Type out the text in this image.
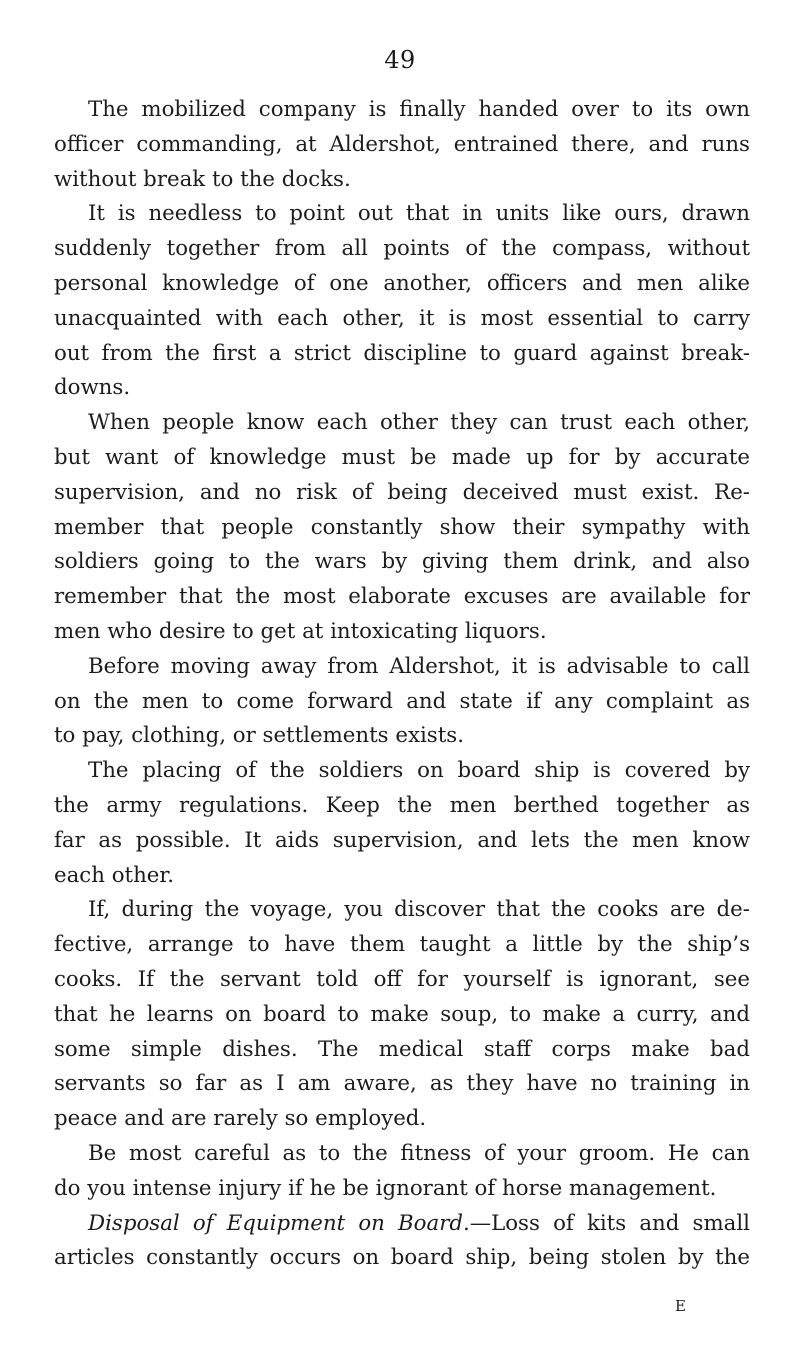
49
The mobilized company is finally handed over to its own
officer commanding, at Aldershot, entrained there, and runs
without break to the docks.
It is needless to point out that in units like ours, drawn
suddenly together from all points of the compass, without
personal knowledge of one another, officers and men alike
unacquainted with each other, it is most essential to carry
out from the first a strict discipline to guard against break-
downs.
When people know each other they can trust each other,
but want of knowledge must be made up for by accurate
supervision, and no risk of being deceived must exist. Re-
member that people constantly show their sympathy with
soldiers going to the wars by giving them drink, and also
remember that the most elaborate excuses are available for
men who desire to get at intoxicating liquors.
Before moving away from Aldershot, it is advisable to call
on the men to come forward and state if any complaint as
to pay, clothing, or settlements exists.
The placing of the soldiers on board ship is covered by
the army regulations. Keep the men berthed together as
far as possible. It aids supervision, and lets the men know
each other.
If, during the voyage, you discover that the cooks are de-
fective, arrange to have them taught a little by the ship’s
cooks. If the servant told off for yourself is ignorant, see
that he learns on board to make soup, to make a curry, and
some simple dishes. The medical staff corps make bad
servants so far as I am aware, as they have no training in
peace and are rarely so employed.
Be most careful as to the fitness of your groom. He can
do you intense injury if he be ignorant of horse management.
Disposal of Equipment on Board.—Loss of kits and small
articles constantly occurs on board ship, being stolen by the
E
